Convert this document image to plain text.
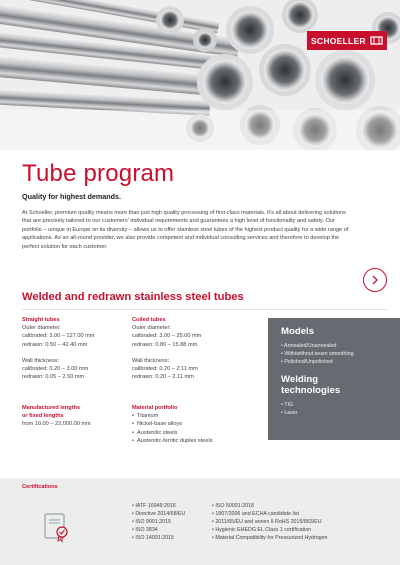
SCHOELLER
Tube program
Quality for highest demands.
At Schoeller, premium quality means more than just high quality processing of first-class materials. It's all about delivering solutions that are precisely tailored to our customers' individual requirements and guarantees a high level of functionality and safety. Our portfolio – unique in Europe on its diversity – allows us to offer stainless steel tubes of the highest product quality for a wide range of applications. As an all-round provider, we also provide competent and individual consulting services and therefore to develop the perfect solution for each customer.
Welded and redrawn stainless steel tubes
Straight tubes
Outer diameter:
calibrated: 3.00 – 127.00 mm
redrawn: 0.50 – 42.40 mm
Wall thickness:
calibrated: 0.20 – 3.00 mm
redrawn: 0.05 – 2.50 mm
Coiled tubes
Outer diameter:
calibrated: 3.00 – 25.00 mm
redrawn: 0.80 – 15.88 mm
Wall thickness:
calibrated: 0.20 – 2.11 mm
redrawn: 0.20 – 2.11 mm
Manufactured lengths
or fixed lengths
from 10.00 – 22,000.00 mm
Material portfolio
• Titanium
• Nickel-base alloys
• Austenitic steels
• Austenitic-ferritic duplex steels
Models
• Annealed/Unannealed
• With/without seam smoothing
• Polished/Unpolished
Welding
technologies
• TIG
• Laser
Certifications
• IATF 16949:2016
• Directive 2014/68/EU
• ISO 9001:2015
• ISO 3834
• ISO 14001:2015
• ISO 50001:2018
• 1907/2006 and ECHA candidate list
• 2011/65/EU and annex II RoHS 2015/863/EU
• Hygienic EHEDG EL Class 1 certification
• Material Compatibility for Pressurized Hydrogen
